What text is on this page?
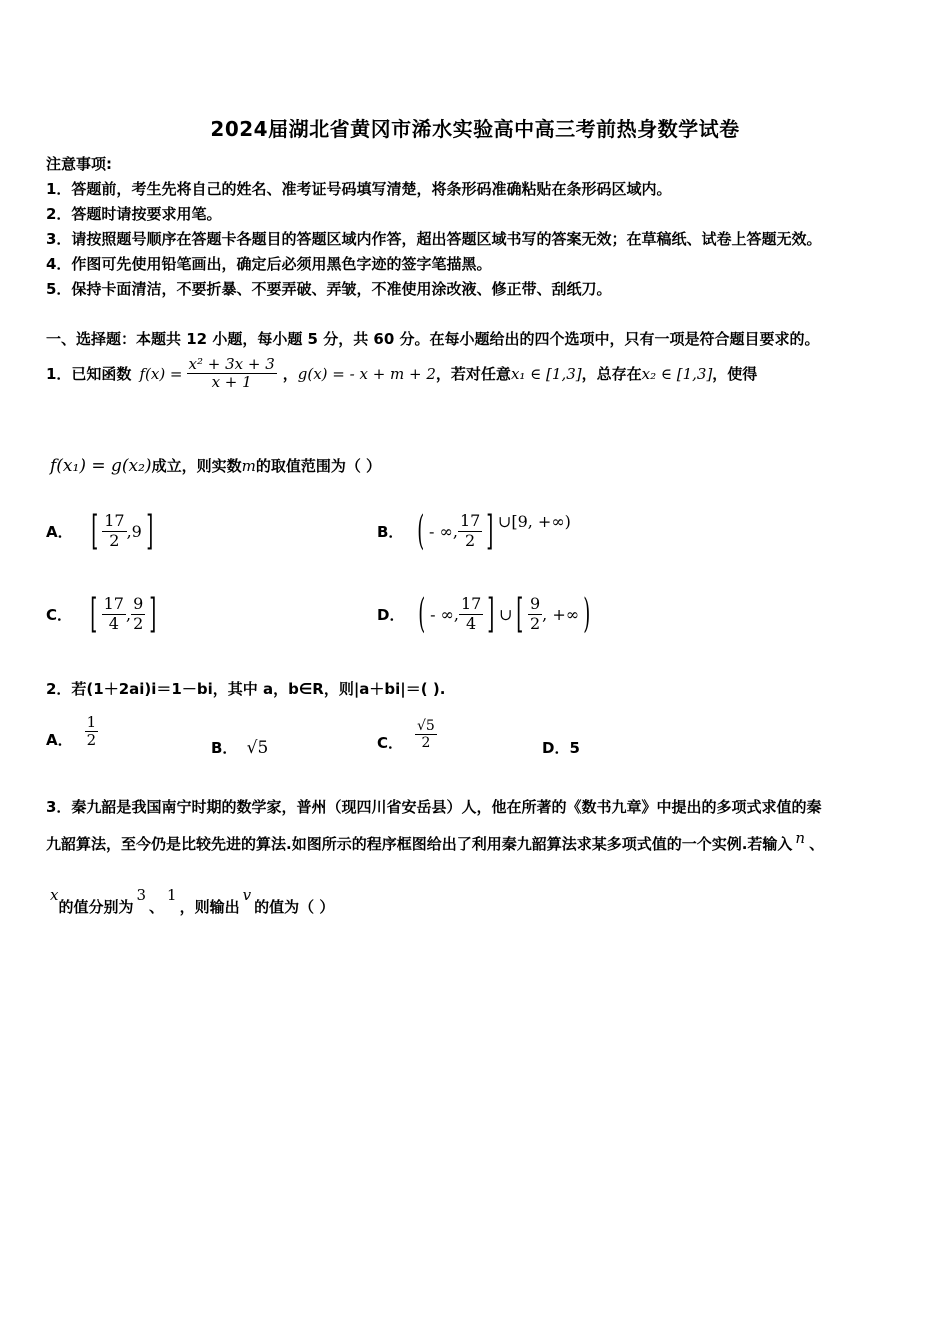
2024届湖北省黄冈市浠水实验高中高三考前热身数学试卷
注意事项:
1．答题前，考生先将自己的姓名、准考证号码填写清楚，将条形码准确粘贴在条形码区域内。
2．答题时请按要求用笔。
3．请按照题号顺序在答题卡各题目的答题区域内作答，超出答题区域书写的答案无效；在草稿纸、试卷上答题无效。
4．作图可先使用铅笔画出，确定后必须用黑色字迹的签字笔描黑。
5．保持卡面清洁，不要折暴、不要弄破、弄皱，不准使用涂改液、修正带、刮纸刀。
一、选择题：本题共 12 小题，每小题 5 分，共 60 分。在每小题给出的四个选项中，只有一项是符合题目要求的。
1．已知函数 $f(x) = \frac{\text{x² + 3x + 3}}{x + 1}$ ， g(x) = - x + m + 2 ，若对任意 x₁ ∈ [1,3] ，总存在 x₂ ∈ [1,3] ，使得
f(x₁) = g(x₂)成立，则实数m的取值范围为（ ）
A． [ $\frac{17}{2} ,9$ ]	B． ( - ∞, $\frac{17}{2}$ ] ∪[9, +∞)
C． [ $\frac{17}{4}$ , $\frac{9}{2}$ ]	D． ( - ∞, $\frac{17}{4}$ ] ∪ [ $\frac{9}{2}$ , +∞ )
2．若(1＋2ai)i＝1－bi，其中 a，b∈R，则|a＋bi|＝( ).
A． $\frac{1}{2}$	B． √5	C． $\frac{√5}{2}$	D．5
3．秦九韶是我国南宁时期的数学家，普州（现四川省安岳县）人，他在所著的《数书九章》中提出的多项式求值的秦
九韶算法，至今仍是比较先进的算法.如图所示的程序框图给出了利用秦九韶算法求某多项式值的一个实例.若输入 n 、
x的值分别为3、1，则输出v的值为（ ）
